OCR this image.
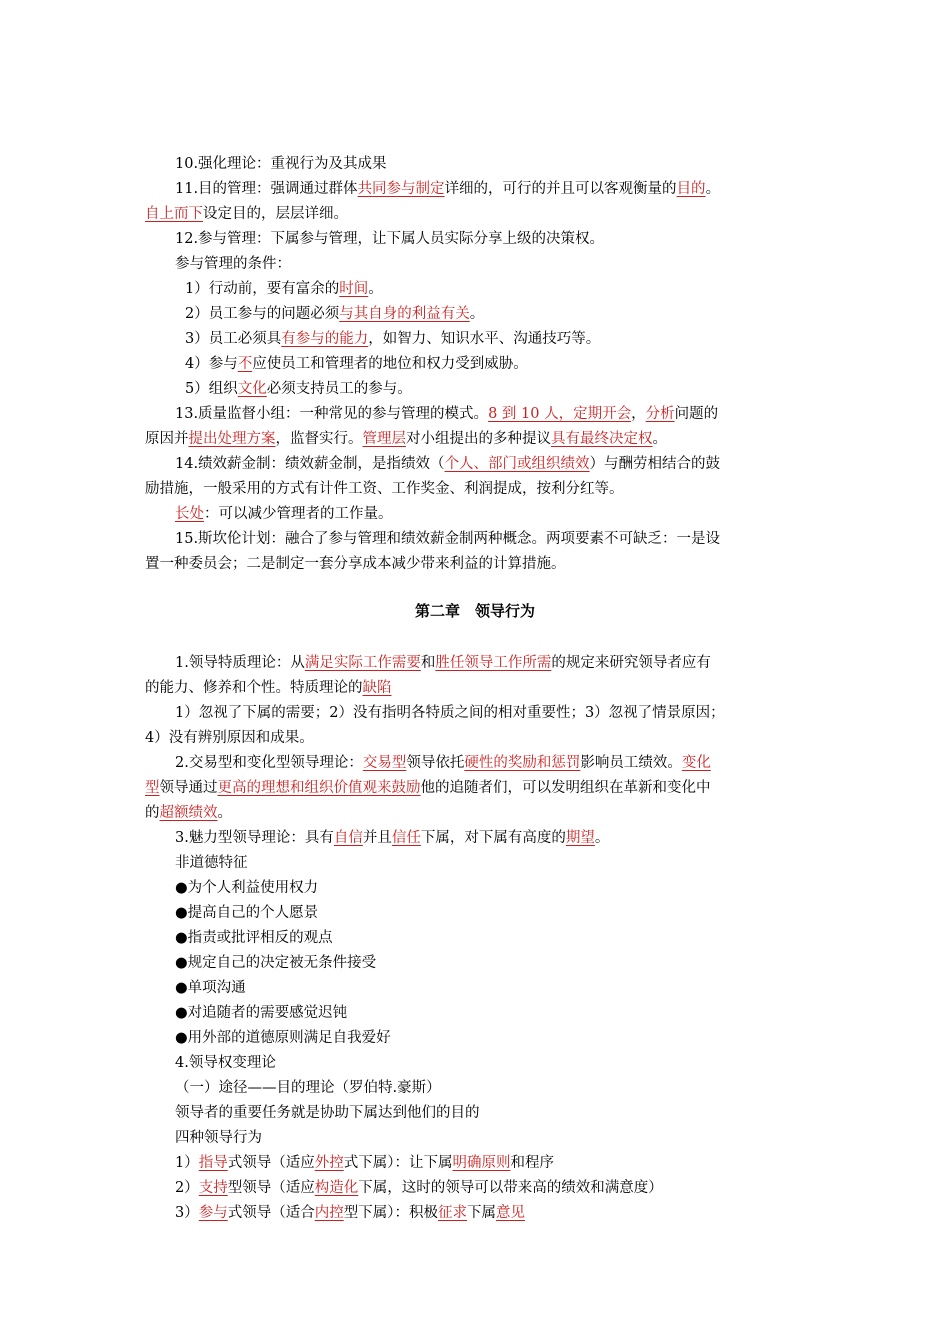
第二章　领导行为
10.强化理论：重视行为及其成果
11.目的管理：强调通过群体共同参与制定详细的，可行的并且可以客观衡量的目的。
自上而下设定目的，层层详细。
12.参与管理：下属参与管理，让下属人员实际分享上级的决策权。
参与管理的条件：
1）行动前，要有富余的时间。
2）员工参与的问题必须与其自身的利益有关。
3）员工必须具有参与的能力，如智力、知识水平、沟通技巧等。
4）参与不应使员工和管理者的地位和权力受到威胁。
5）组织文化必须支持员工的参与。
13.质量监督小组：一种常见的参与管理的模式。8 到 10 人，定期开会，分析问题的
原因并提出处理方案，监督实行。管理层对小组提出的多种提议具有最终决定权。
14.绩效薪金制：绩效薪金制，是指绩效（个人、部门或组织绩效）与酬劳相结合的鼓
励措施，一般采用的方式有计件工资、工作奖金、利润提成，按利分红等。
长处：可以减少管理者的工作量。
15.斯坎伦计划：融合了参与管理和绩效薪金制两种概念。两项要素不可缺乏：一是设
置一种委员会；二是制定一套分享成本减少带来利益的计算措施。
1.领导特质理论：从满足实际工作需要和胜任领导工作所需的规定来研究领导者应有
的能力、修养和个性。特质理论的缺陷
1）忽视了下属的需要；2）没有指明各特质之间的相对重要性；3）忽视了情景原因；
4）没有辨别原因和成果。
2.交易型和变化型领导理论：交易型领导依托硬性的奖励和惩罚影响员工绩效。变化
型领导通过更高的理想和组织价值观来鼓励他的追随者们，可以发明组织在革新和变化中
的超额绩效。
3.魅力型领导理论：具有自信并且信任下属，对下属有高度的期望。
非道德特征
●为个人利益使用权力
●提高自己的个人愿景
●指责或批评相反的观点
●规定自己的决定被无条件接受
●单项沟通
●对追随者的需要感觉迟钝
●用外部的道德原则满足自我爱好
4.领导权变理论
（一）途径——目的理论（罗伯特.豪斯）
领导者的重要任务就是协助下属达到他们的目的
四种领导行为
1）指导式领导（适应外控式下属）：让下属明确原则和程序
2）支持型领导（适应构造化下属，这时的领导可以带来高的绩效和满意度）
3）参与式领导（适合内控型下属）：积极征求下属意见
